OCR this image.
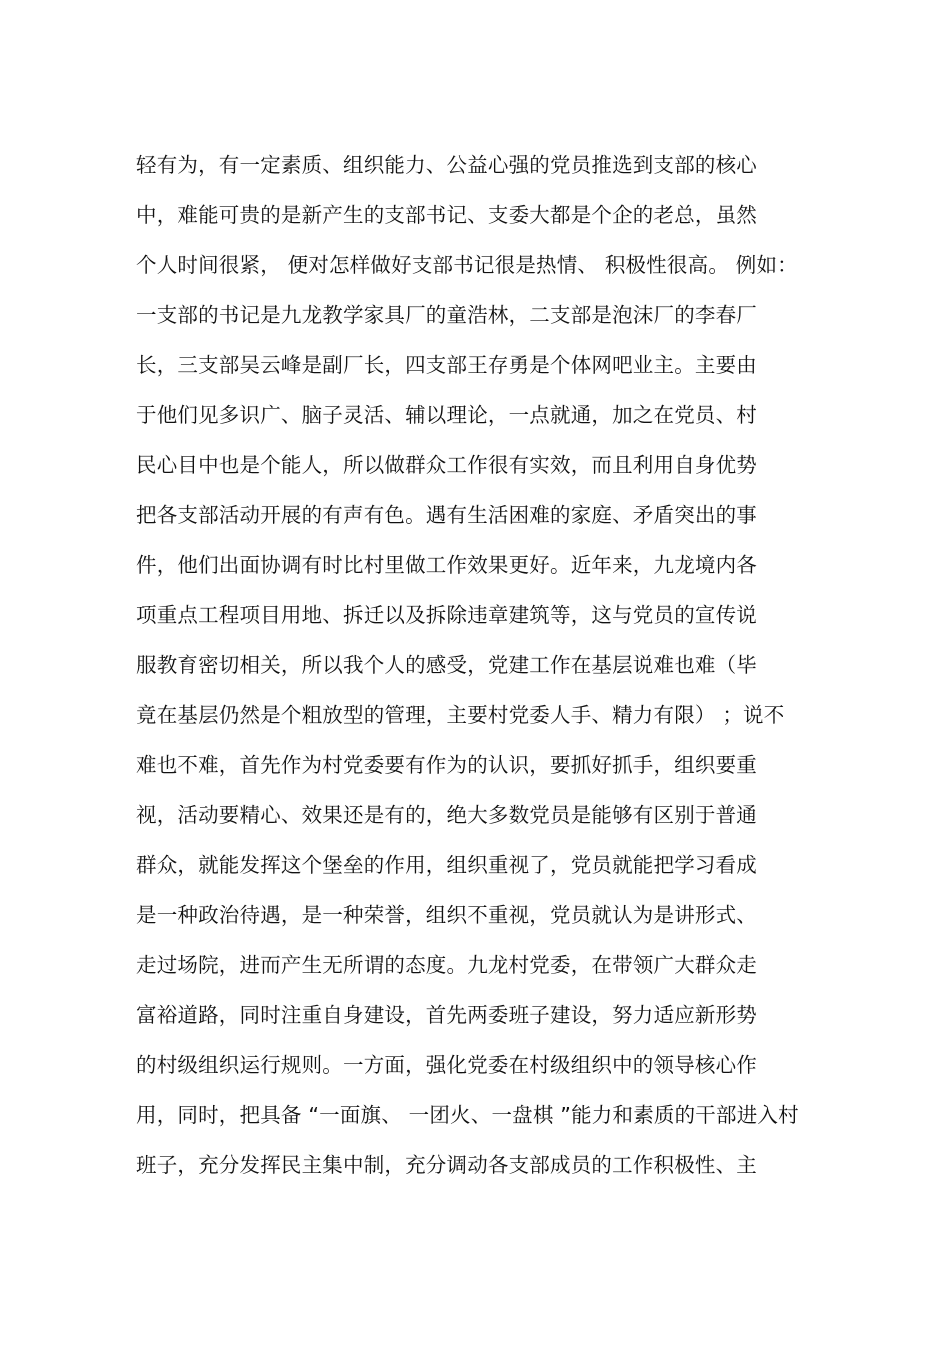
轻有为，有一定素质、组织能力、公益心强的党员推选到支部的核心
中，难能可贵的是新产生的支部书记、支委大都是个企的老总，虽然
个人时间很紧， 便对怎样做好支部书记很是热情、 积极性很高。 例如：
一支部的书记是九龙教学家具厂的童浩林，二支部是泡沫厂的李春厂
长，三支部吴云峰是副厂长，四支部王存勇是个体网吧业主。主要由
于他们见多识广、脑子灵活、辅以理论，一点就通，加之在党员、村
民心目中也是个能人，所以做群众工作很有实效，而且利用自身优势
把各支部活动开展的有声有色。遇有生活困难的家庭、矛盾突出的事
件，他们出面协调有时比村里做工作效果更好。近年来，九龙境内各
项重点工程项目用地、拆迁以及拆除违章建筑等，这与党员的宣传说
服教育密切相关，所以我个人的感受，党建工作在基层说难也难（毕
竟在基层仍然是个粗放型的管理，主要村党委人手、精力有限） ；说不
难也不难，首先作为村党委要有作为的认识，要抓好抓手，组织要重
视，活动要精心、效果还是有的，绝大多数党员是能够有区别于普通
群众，就能发挥这个堡垒的作用，组织重视了，党员就能把学习看成
是一种政治待遇，是一种荣誉，组织不重视，党员就认为是讲形式、
走过场院，进而产生无所谓的态度。九龙村党委，在带领广大群众走
富裕道路，同时注重自身建设，首先两委班子建设，努力适应新形势
的村级组织运行规则。一方面，强化党委在村级组织中的领导核心作
用，同时，把具备 “一面旗、 一团火、一盘棋 ”能力和素质的干部进入村
班子，充分发挥民主集中制，充分调动各支部成员的工作积极性、主
